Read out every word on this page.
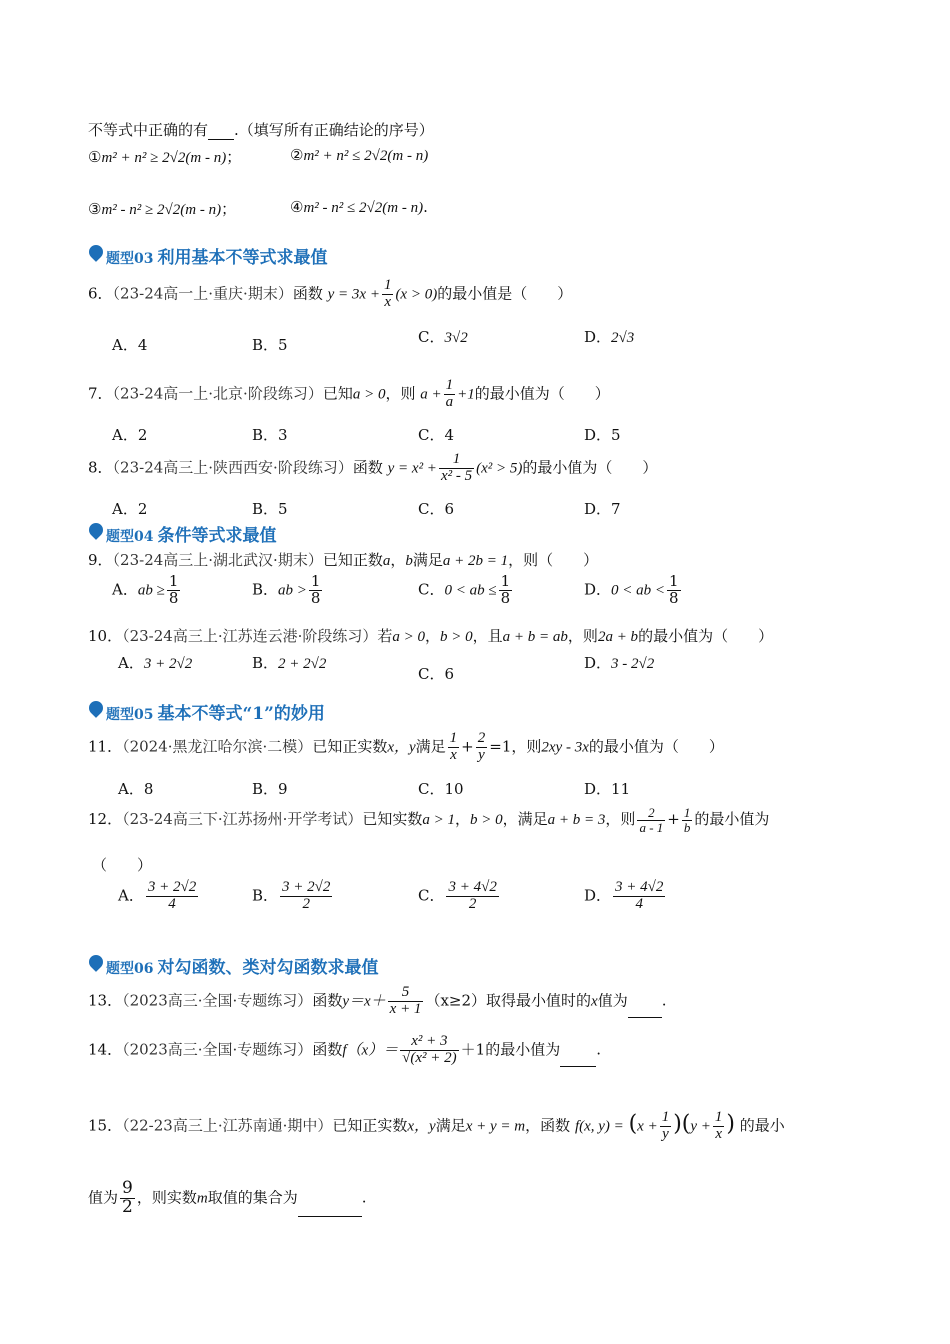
不等式中正确的有 .（填写所有正确结论的序号）
①m² + n² ≥ 2√2(m - n)；	②m² + n² ≤ 2√2(m - n)
③m² - n² ≥ 2√2(m - n)；	④m² - n² ≤ 2√2(m - n).
题型03 利用基本不等式求最值
6．（23-24高一上·重庆·期末）函数 $y = 3x + \frac{1}{x} (x > 0)$的最小值是（　　）
A．4	B．5	C．3√2	D．2√3
7．（23-24高一上·北京·阶段练习）已知a > 0，则 $a + \frac{1}{a} +1$的最小值为（　　）
A．2	B．3	C．4	D．5
8．（23-24高三上·陕西西安·阶段练习）函数 $y = x^2 + \frac{1}{\text{x² - 5}} (x^2 > 5)$的最小值为（　　）
A．2	B．5	C．6	D．7
题型04 条件等式求最值
9．（23-24高三上·湖北武汉·期末）已知正数a，b满足a + 2b = 1，则（　　）
A．ab ≥ $\frac{1}{8}$	B．ab > $\frac{1}{8}$	C．0 < ab ≤ $\frac{1}{8}$	D．0 < ab < $\frac{1}{8}$
10．（23-24高三上·江苏连云港·阶段练习）若a > 0，b > 0，且a + b = ab，则2a + b的最小值为（　　）
A．3 + 2√2	B．2 + 2√2
C．6
D．3 - 2√2
题型05 基本不等式“1”的妙用
11．（2024·黑龙江哈尔滨·二模）已知正实数x，y满足 $\frac{1}{x} + \frac{2}{y} =1$，则2xy - 3x的最小值为（　　）
A．8	B．9	C．10	D．11
12．（23-24高三下·江苏扬州·开学考试）已知实数a > 1，b > 0，满足a + b = 3，则 $\frac{2}{a - 1} + \frac{1}{b}$ 的最小值为
（　　）
A． $\frac{3 + 2√2}{4}$	B． $\frac{3 + 2√2}{2}$	C． $\frac{3 + 4√2}{2}$	D． $\frac{3 + 4√2}{4}$
题型06 对勾函数、类对勾函数求最值
13．（2023高三·全国·专题练习）函数$y=x+ \frac{5}{x + 1} (x\ge 2)$取得最小值时的x值为 .
14．（2023高三·全国·专题练习）函数$f(x)= \frac{\text{x² + 3}}{\text{√(x² + 2)}} +1$的最小值为 .
15．（22-23高三上·江苏南通·期中）已知正实数x，y满足x + y = m，函数 f(x, $y) = (x + \frac{1}{y} )(y + \frac{1}{x}$ ) 的最小
值为 $\frac{9}{2}$ ，则实数m取值的集合为	.
